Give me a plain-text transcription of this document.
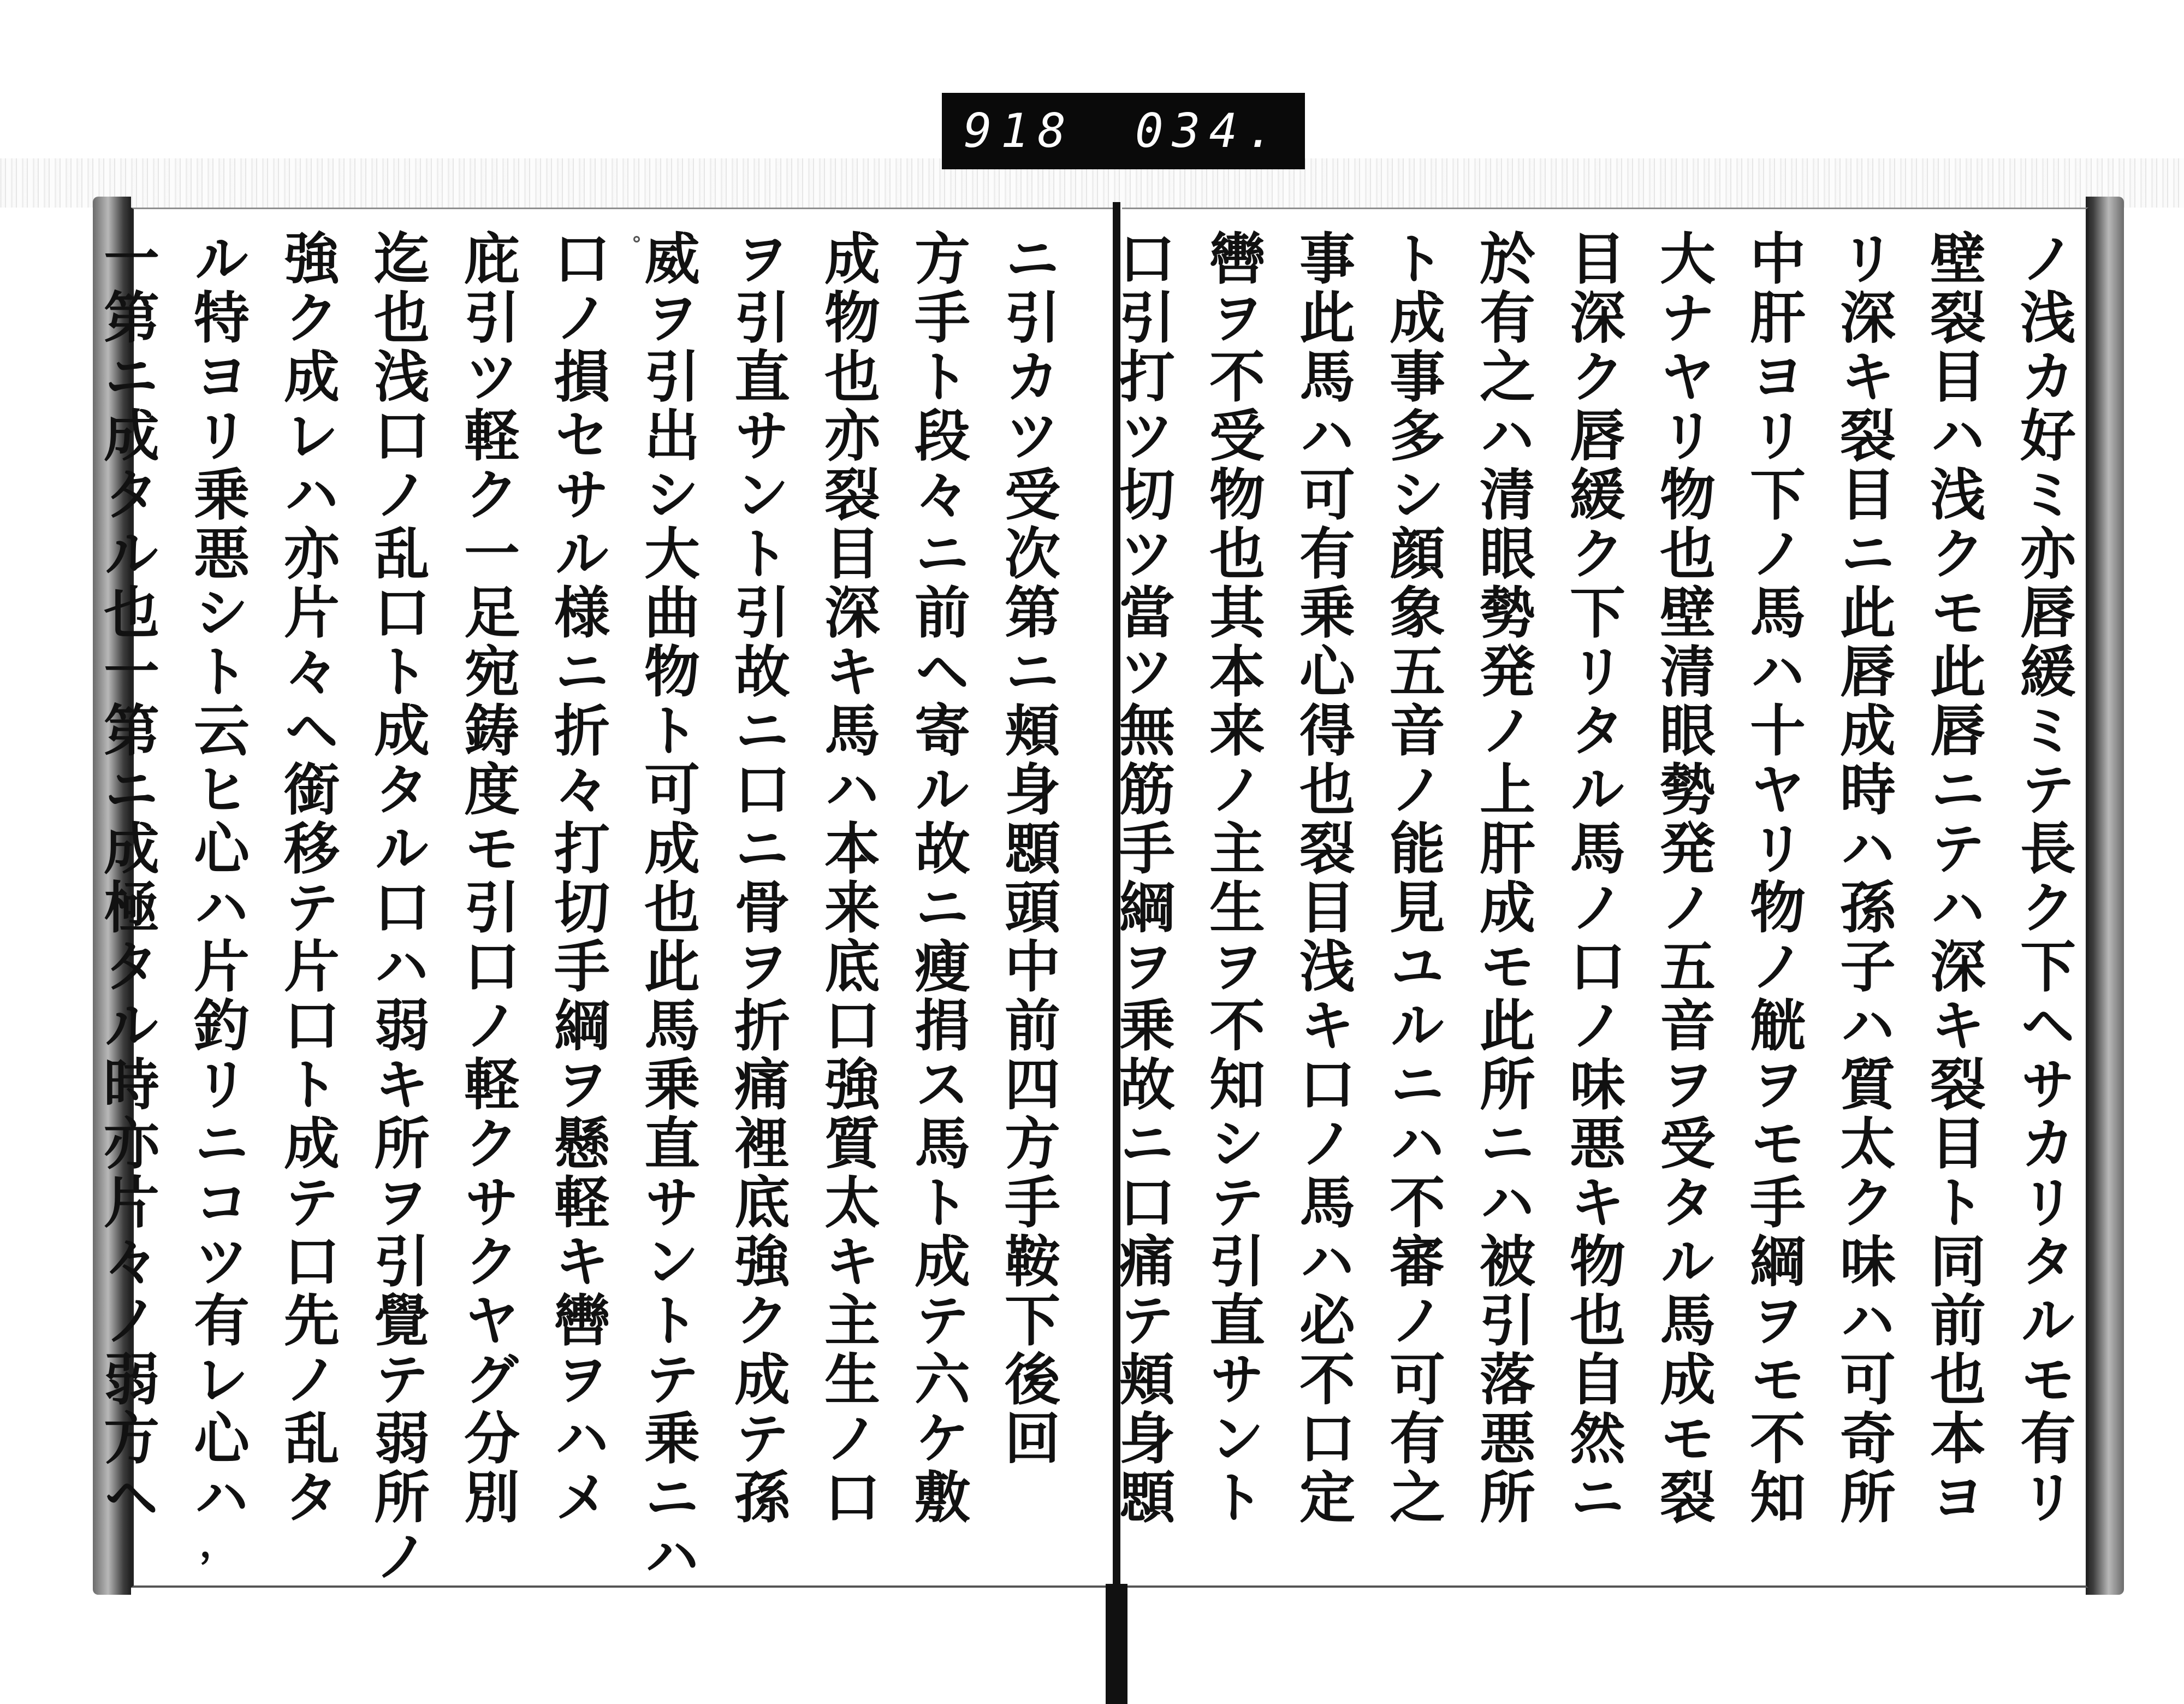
918 034.
ニ引カツ受次第ニ頬身顋頭中前四方手鞍下後回
方手ト段々ニ前ヘ寄ル故ニ瘦捐ス馬ト成テ六ケ敷
成物也亦裂目深キ馬ハ本来底口強質太キ主生ノ口
ヲ引直サント引故ニ口ニ骨ヲ折痛裡底強ク成テ孫
威ヲ引出シ大曲物ト可成也此馬乗直サントテ乗ニハ
口ノ損セサル様ニ折々打切手綱ヲ懸軽キ轡ヲハメ
庇引ツ軽ク一足宛鋳度モ引口ノ軽クサクヤグ分別
迄也浅口ノ乱口ト成タル口ハ弱キ所ヲ引覺テ弱所ノ
強ク成レハ亦片々ヘ銜移テ片口ト成テ口先ノ乱タ
ル特ヨリ乗悪シト云ヒ心ハ片釣リニコツ有レ心ハ
一第ニ成タル也一第ニ成極タル時亦片々ノ弱方ヘ
，
ノ浅カ好ミ亦唇緩ミテ長ク下ヘサカリタルモ有リ
壁裂目ハ浅クモ此唇ニテハ深キ裂目ト同前也本ヨ
リ深キ裂目ニ此唇成時ハ孫子ハ質太ク味ハ可奇所
中肝ヨリ下ノ馬ハ十ヤリ物ノ觥ヲモ手綱ヲモ不知
大ナヤリ物也壁清眼勢発ノ五音ヲ受タル馬成モ裂
目深ク唇緩ク下リタル馬ノ口ノ味悪キ物也自然ニ
於有之ハ清眼勢発ノ上肝成モ此所ニハ被引落悪所
ト成事多シ顔象五音ノ能見ユルニハ不審ノ可有之
事此馬ハ可有乗心得也裂目浅キ口ノ馬ハ必不口定
轡ヲ不受物也其本来ノ主生ヲ不知シテ引直サント
口引打ツ切ツ當ツ無筋手綱ヲ乗故ニ口痛テ頬身顋
